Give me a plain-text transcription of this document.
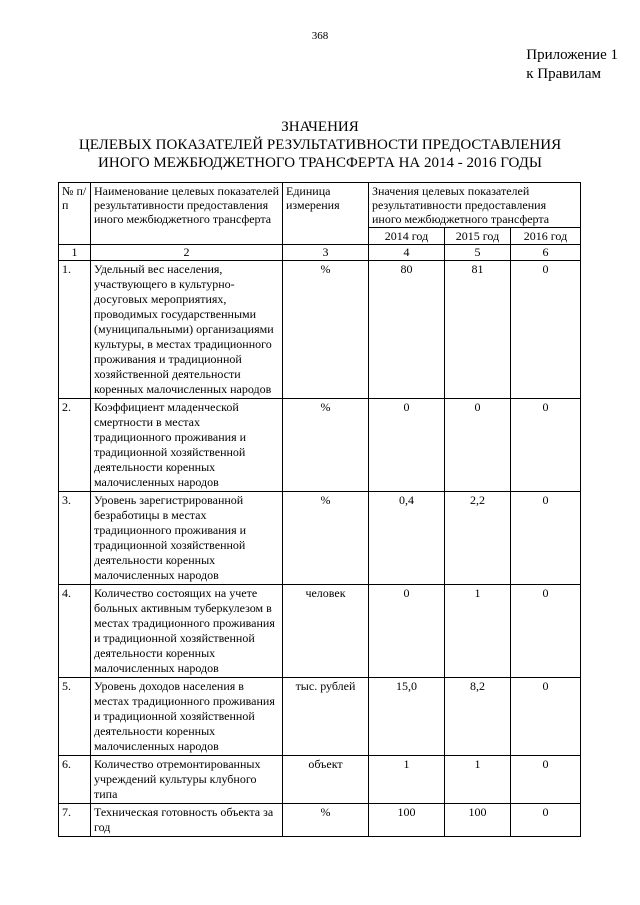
368
Приложение 1
к Правилам
ЗНАЧЕНИЯ
ЦЕЛЕВЫХ ПОКАЗАТЕЛЕЙ РЕЗУЛЬТАТИВНОСТИ ПРЕДОСТАВЛЕНИЯ
ИНОГО МЕЖБЮДЖЕТНОГО ТРАНСФЕРТА НА 2014 - 2016 ГОДЫ
№ п/п	Наименование целевых показателей результативности предоставления иного межбюджетного трансферта	Единица измерения	Значения целевых показателей результативности предоставления иного межбюджетного трансферта		
			2014 год	2015 год	2016 год
1	2	3	4	5	6
1.	Удельный вес населения, участвующего в культурно-досуговых мероприятиях, проводимых государственными (муниципальными) организациями культуры, в местах традиционного проживания и традиционной хозяйственной деятельности коренных малочисленных народов	%	80	81	0
2.	Коэффициент младенческой смертности в местах традиционного проживания и традиционной хозяйственной деятельности коренных малочисленных народов	%	0	0	0
3.	Уровень зарегистрированной безработицы в местах традиционного проживания и традиционной хозяйственной деятельности коренных малочисленных народов	%	0,4	2,2	0
4.	Количество состоящих на учете больных активным туберкулезом в местах традиционного проживания и традиционной хозяйственной деятельности коренных малочисленных народов	человек	0	1	0
5.	Уровень доходов населения в местах традиционного проживания и традиционной хозяйственной деятельности коренных малочисленных народов	тыс. рублей	15,0	8,2	0
6.	Количество отремонтированных учреждений культуры клубного типа	объект	1	1	0
7.	Техническая готовность объекта за год	%	100	100	0
